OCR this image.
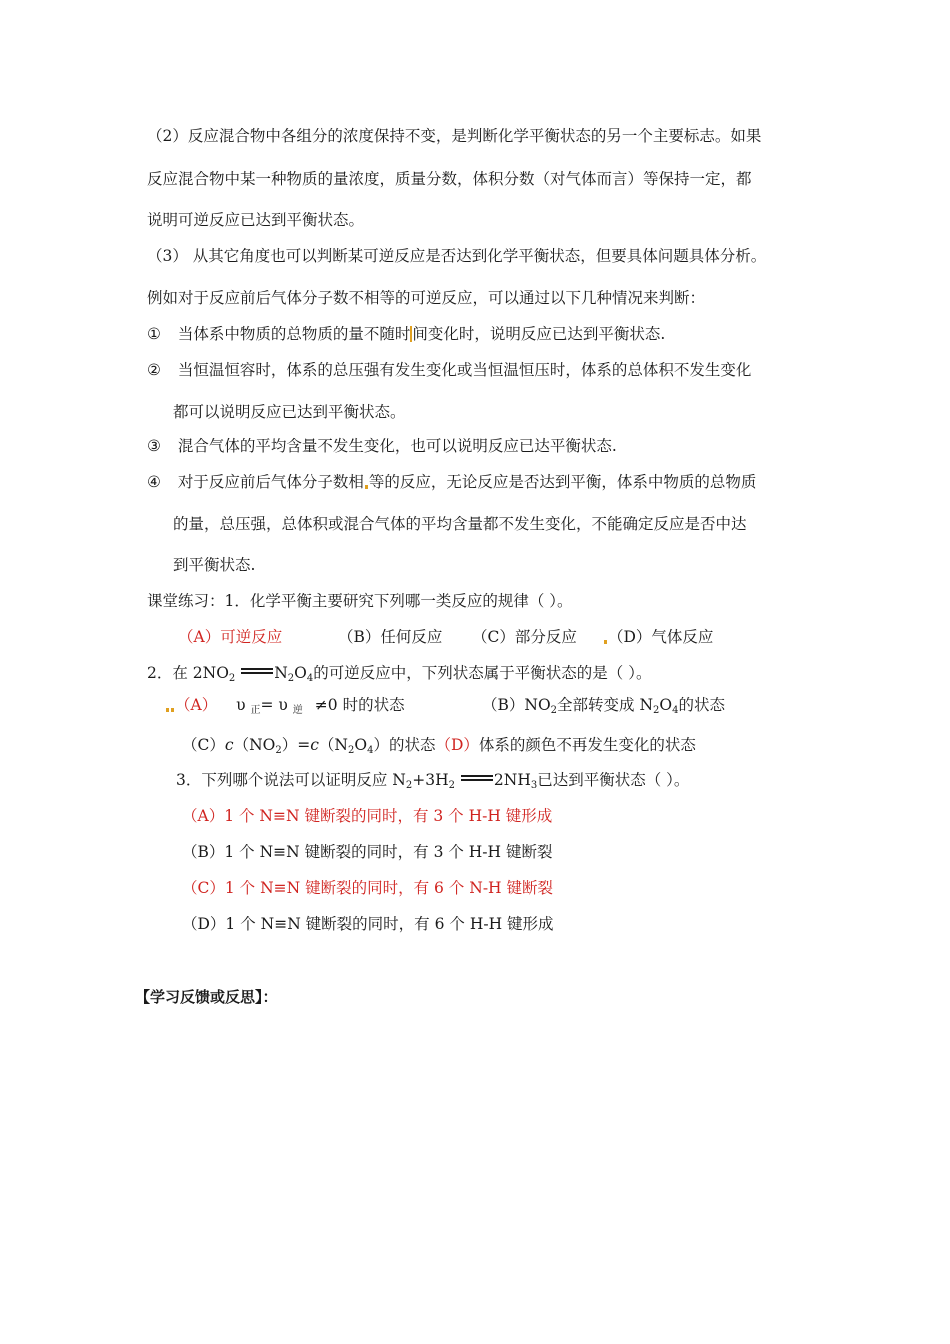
（2）反应混合物中各组分的浓度保持不变，是判断化学平衡状态的另一个主要标志。如果
反应混合物中某一种物质的量浓度，质量分数，体积分数（对气体而言）等保持一定，都
说明可逆反应已达到平衡状态。
（3） 从其它角度也可以判断某可逆反应是否达到化学平衡状态，但要具体问题具体分析。
例如对于反应前后气体分子数不相等的可逆反应，可以通过以下几种情况来判断：
① 当体系中物质的总物质的量不随时 间变化时，说明反应已达到平衡状态.
② 当恒温恒容时，体系的总压强有发生变化或当恒温恒压时，体系的总体积不发生变化
都可以说明反应已达到平衡状态。
③ 混合气体的平均含量不发生变化，也可以说明反应已达平衡状态.
④ 对于反应前后气体分子数相 等的反应，无论反应是否达到平衡，体系中物质的总物质
的量，总压强，总体积或混合气体的平均含量都不发生变化，不能确定反应是否中达
到平衡状态.
课堂练习：1．化学平衡主要研究下列哪一类反应的规律（ ）。
（A）可逆反应	（B）任何反应 （C）部分反应	（D）气体反应
2．在 $2NO_2$	$N_2O_4$的可逆反应中，下列状态属于平衡状态的是（ ）。
（A） υ $_正$= υ $_逆$ ≠0 时的状态	$(B)NO_2$全部转变成 $N_2O_4$的状态
$(C)c(NO_2)=c(N_2O_4)$的状态（D）体系的颜色不再发生变化的状态
3．下列哪个说法可以证明反应 $N_2+3H_2$	$2NH_3$已达到平衡状态（ ）。
（A）1 个 N≡N 键断裂的同时，有 3 个 H-H 键形成
（B）1 个 N≡N 键断裂的同时，有 3 个 H-H 键断裂
（C）1 个 N≡N 键断裂的同时，有 6 个 N-H 键断裂
（D）1 个 N≡N 键断裂的同时，有 6 个 H-H 键形成
【学习反馈或反思】：
